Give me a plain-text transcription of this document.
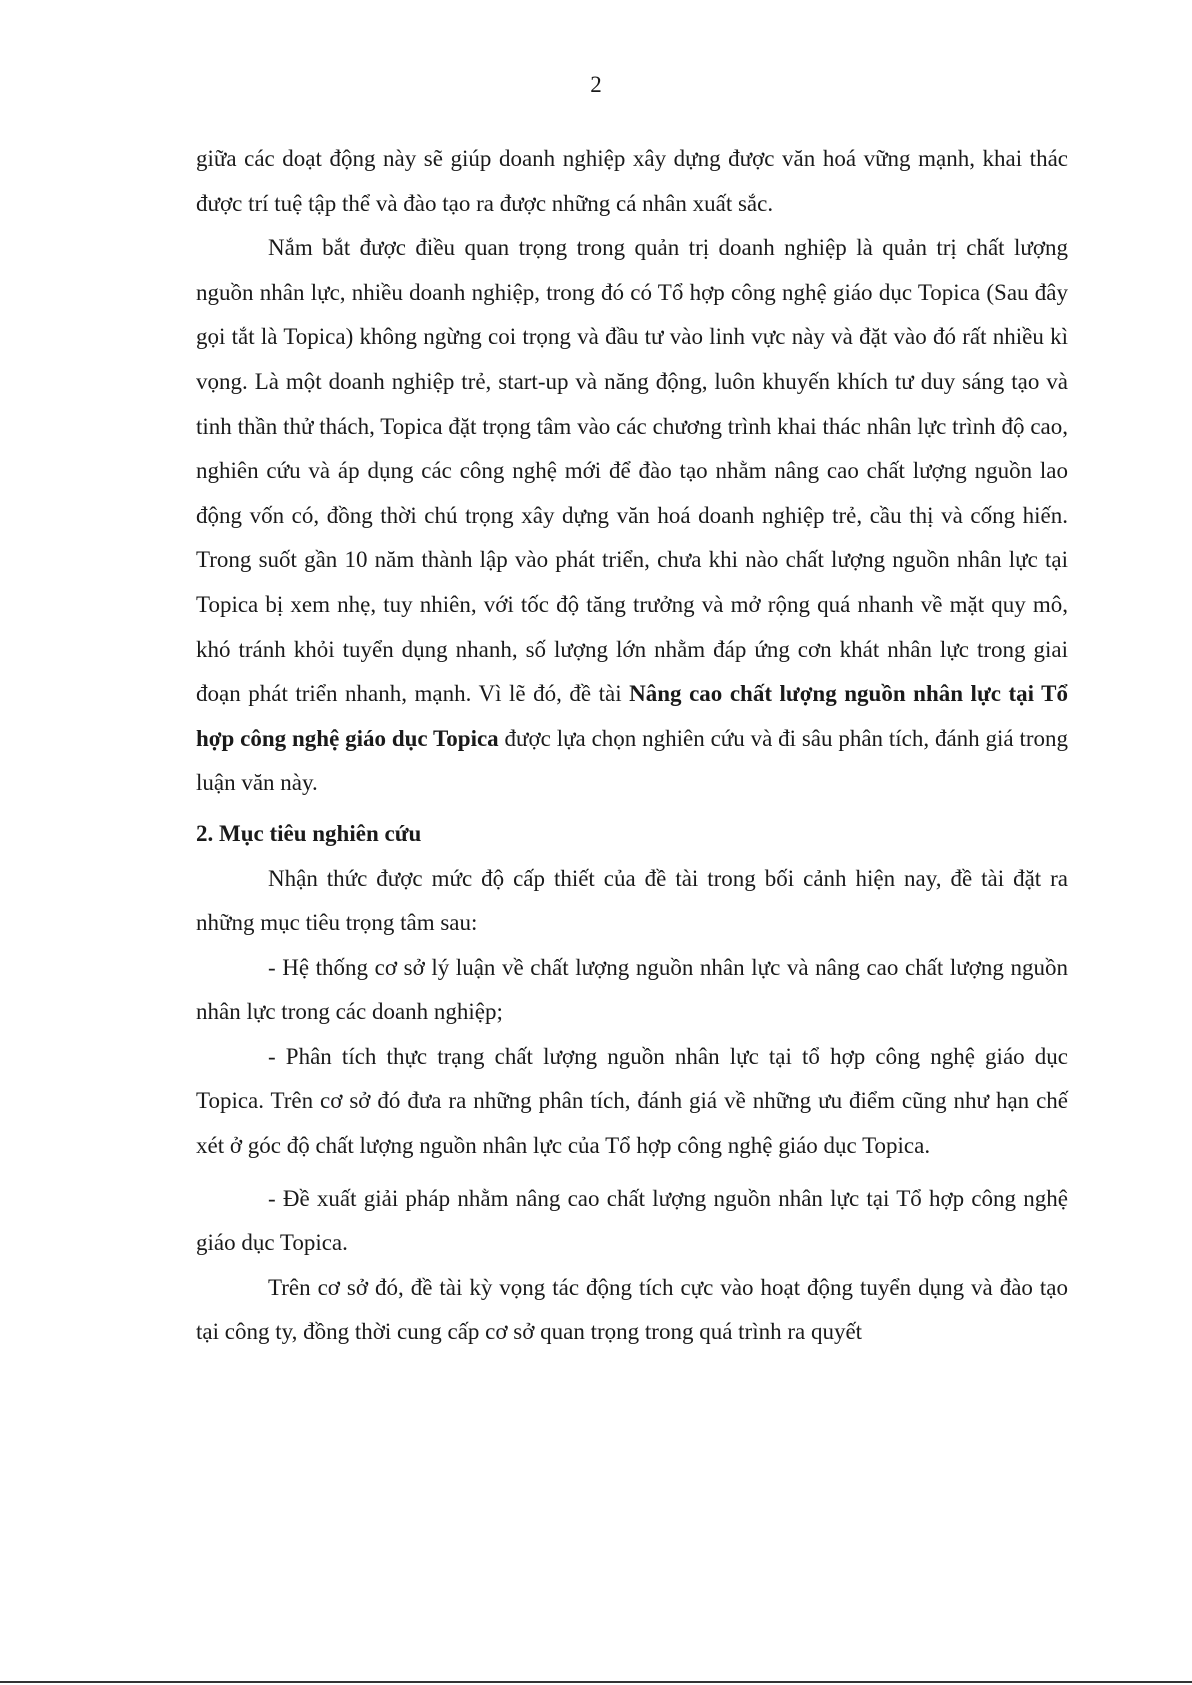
2

giữa các doạt động này sẽ giúp doanh nghiệp xây dựng được văn hoá vững mạnh, khai thác được trí tuệ tập thể và đào tạo ra được những cá nhân xuất sắc.

Nắm bắt được điều quan trọng trong quản trị doanh nghiệp là quản trị chất lượng nguồn nhân lực, nhiều doanh nghiệp, trong đó có Tổ hợp công nghệ giáo dục Topica (Sau đây gọi tắt là Topica) không ngừng coi trọng và đầu tư vào linh vực này và đặt vào đó rất nhiều kì vọng. Là một doanh nghiệp trẻ, start-up và năng động, luôn khuyến khích tư duy sáng tạo và tinh thần thử thách, Topica đặt trọng tâm vào các chương trình khai thác nhân lực trình độ cao, nghiên cứu và áp dụng các công nghệ mới để đào tạo nhằm nâng cao chất lượng nguồn lao động vốn có, đồng thời chú trọng xây dựng văn hoá doanh nghiệp trẻ, cầu thị và cống hiến. Trong suốt gần 10 năm thành lập vào phát triển, chưa khi nào chất lượng nguồn nhân lực tại Topica bị xem nhẹ, tuy nhiên, với tốc độ tăng trưởng và mở rộng quá nhanh về mặt quy mô, khó tránh khỏi tuyển dụng nhanh, số lượng lớn nhằm đáp ứng cơn khát nhân lực trong giai đoạn phát triển nhanh, mạnh. Vì lẽ đó, đề tài Nâng cao chất lượng nguồn nhân lực tại Tổ hợp công nghệ giáo dục Topica được lựa chọn nghiên cứu và đi sâu phân tích, đánh giá trong luận văn này.

2. Mục tiêu nghiên cứu

Nhận thức được mức độ cấp thiết của đề tài trong bối cảnh hiện nay, đề tài đặt ra những mục tiêu trọng tâm sau:

- Hệ thống cơ sở lý luận về chất lượng nguồn nhân lực và nâng cao chất lượng nguồn nhân lực trong các doanh nghiệp;

- Phân tích thực trạng chất lượng nguồn nhân lực tại tổ hợp công nghệ giáo dục Topica. Trên cơ sở đó đưa ra những phân tích, đánh giá về những ưu điểm cũng như hạn chế xét ở góc độ chất lượng nguồn nhân lực của Tổ hợp công nghệ giáo dục Topica.

- Đề xuất giải pháp nhằm nâng cao chất lượng nguồn nhân lực tại Tổ hợp công nghệ giáo dục Topica.

Trên cơ sở đó, đề tài kỳ vọng tác động tích cực vào hoạt động tuyển dụng và đào tạo tại công ty, đồng thời cung cấp cơ sở quan trọng trong quá trình ra quyết
